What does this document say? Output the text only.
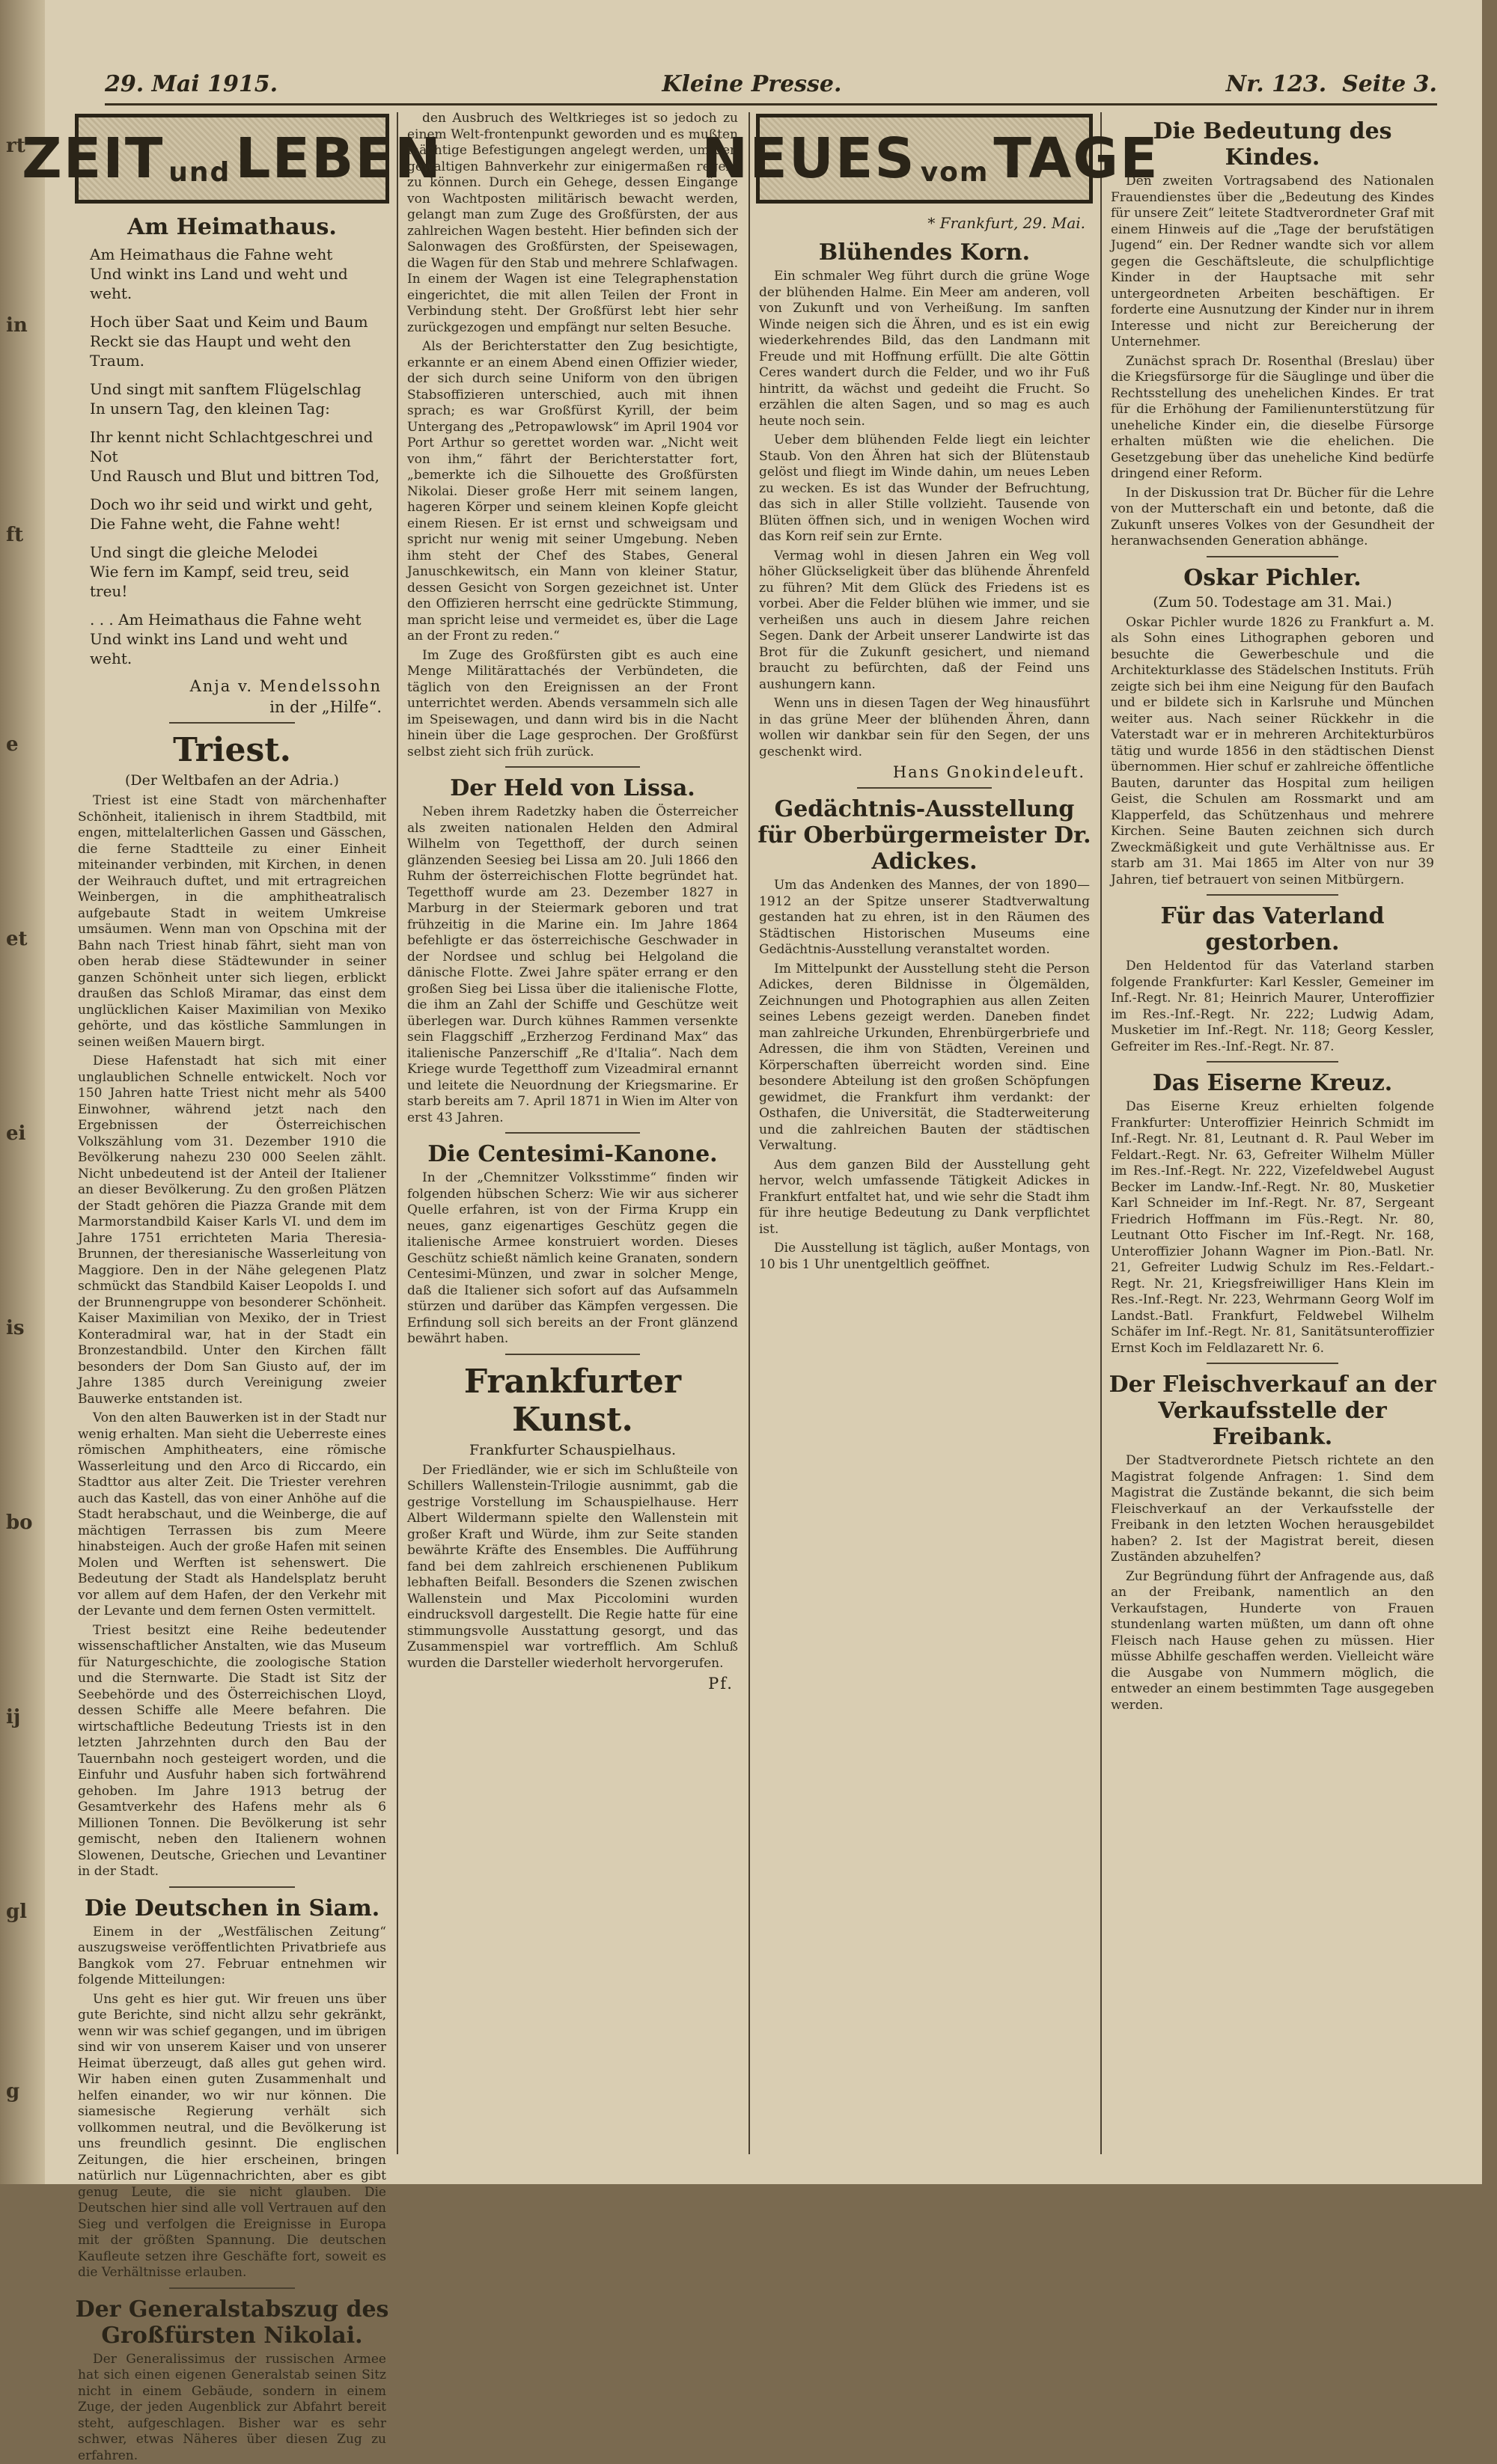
rt
in
ft
e
et
ei
is
bo
ij
gl
g
29. Mai 1915.	Kleine Presse.	Nr. 123. Seite 3.
ZEIT und LEBEN
Am Heimathaus.

Am Heimathaus die Fahne weht
Und winkt ins Land und weht und weht.

Hoch über Saat und Keim und Baum
Reckt sie das Haupt und weht den Traum.

Und singt mit sanftem Flügelschlag
In unsern Tag, den kleinen Tag:

Ihr kennt nicht Schlachtgeschrei und Not
Und Rausch und Blut und bittren Tod,

Doch wo ihr seid und wirkt und geht,
Die Fahne weht, die Fahne weht!

Und singt die gleiche Melodei
Wie fern im Kampf, seid treu, seid treu!

. . . Am Heimathaus die Fahne weht
Und winkt ins Land und weht und weht.

Anja v. Mendelssohn
in der „Hilfe“.
Triest.
(Der Weltbafen an der Adria.)

Triest ist eine Stadt von märchenhafter Schönheit, italienisch in ihrem Stadtbild, mit engen, mittelalterlichen Gassen und Gässchen, die ferne Stadtteile zu einer Einheit miteinander verbinden, mit Kirchen, in denen der Weihrauch duftet, und mit ertragreichen Weinbergen, in die amphitheatralisch aufgebaute Stadt in weitem Umkreise umsäumen. Wenn man von Opschina mit der Bahn nach Triest hinab fährt, sieht man von oben herab diese Städtewunder in seiner ganzen Schönheit unter sich liegen, erblickt draußen das Schloß Miramar, das einst dem unglücklichen Kaiser Maximilian von Mexiko gehörte, und das köstliche Sammlungen in seinen weißen Mauern birgt.

Diese Hafenstadt hat sich mit einer unglaublichen Schnelle entwickelt. Noch vor 150 Jahren hatte Triest nicht mehr als 5400 Einwohner, während jetzt nach den Ergebnissen der Österreichischen Volkszählung vom 31. Dezember 1910 die Bevölkerung nahezu 230 000 Seelen zählt. Nicht unbedeutend ist der Anteil der Italiener an dieser Bevölkerung. Zu den großen Plätzen der Stadt gehören die Piazza Grande mit dem Marmorstandbild Kaiser Karls VI. und dem im Jahre 1751 errichteten Maria Theresia-Brunnen, der theresianische Wasserleitung von Maggiore. Den in der Nähe gelegenen Platz schmückt das Standbild Kaiser Leopolds I. und der Brunnengruppe von besonderer Schönheit. Kaiser Maximilian von Mexiko, der in Triest Konteradmiral war, hat in der Stadt ein Bronzestandbild. Unter den Kirchen fällt besonders der Dom San Giusto auf, der im Jahre 1385 durch Vereinigung zweier Bauwerke entstanden ist.

Von den alten Bauwerken ist in der Stadt nur wenig erhalten. Man sieht die Ueberreste eines römischen Amphitheaters, eine römische Wasserleitung und den Arco di Riccardo, ein Stadttor aus alter Zeit. Die Triester verehren auch das Kastell, das von einer Anhöhe auf die Stadt herabschaut, und die Weinberge, die auf mächtigen Terrassen bis zum Meere hinabsteigen. Auch der große Hafen mit seinen Molen und Werften ist sehenswert. Die Bedeutung der Stadt als Handelsplatz beruht vor allem auf dem Hafen, der den Verkehr mit der Levante und dem fernen Osten vermittelt.

Triest besitzt eine Reihe bedeutender wissenschaftlicher Anstalten, wie das Museum für Naturgeschichte, die zoologische Station und die Sternwarte. Die Stadt ist Sitz der Seebehörde und des Österreichischen Lloyd, dessen Schiffe alle Meere befahren. Die wirtschaftliche Bedeutung Triests ist in den letzten Jahrzehnten durch den Bau der Tauernbahn noch gesteigert worden, und die Einfuhr und Ausfuhr haben sich fortwährend gehoben. Im Jahre 1913 betrug der Gesamtverkehr des Hafens mehr als 6 Millionen Tonnen. Die Bevölkerung ist sehr gemischt, neben den Italienern wohnen Slowenen, Deutsche, Griechen und Levantiner in der Stadt.

Die Deutschen in Siam.

Einem in der „Westfälischen Zeitung“ auszugsweise veröffentlichten Privatbriefe aus Bangkok vom 27. Februar entnehmen wir folgende Mitteilungen:

Uns geht es hier gut. Wir freuen uns über gute Berichte, sind nicht allzu sehr gekränkt, wenn wir was schief gegangen, und im übrigen sind wir von unserem Kaiser und von unserer Heimat überzeugt, daß alles gut gehen wird. Wir haben einen guten Zusammenhalt und helfen einander, wo wir nur können. Die siamesische Regierung verhält sich vollkommen neutral, und die Bevölkerung ist uns freundlich gesinnt. Die englischen Zeitungen, die hier erscheinen, bringen natürlich nur Lügennachrichten, aber es gibt genug Leute, die sie nicht glauben. Die Deutschen hier sind alle voll Vertrauen auf den Sieg und verfolgen die Ereignisse in Europa mit der größten Spannung. Die deutschen Kaufleute setzen ihre Geschäfte fort, soweit es die Verhältnisse erlauben.

Der Generalstabszug des Großfürsten Nikolai.

Der Generalissimus der russischen Armee hat sich einen eigenen Generalstab seinen Sitz nicht in einem Gebäude, sondern in einem Zuge, der jeden Augenblick zur Abfahrt bereit steht, aufgeschlagen. Bisher war es sehr schwer, etwas Näheres über diesen Zug zu erfahren.

den Ausbruch des Weltkrieges ist so jedoch zu einem Welt-frontenpunkt geworden und es mußten mächtige Befestigungen angelegt werden, um den gewaltigen Bahnverkehr zur einigermaßen regeln zu können. Durch ein Gehege, dessen Eingänge von Wachtposten militärisch bewacht werden, gelangt man zum Zuge des Großfürsten, der aus zahlreichen Wagen besteht. Hier befinden sich der Salonwagen des Großfürsten, der Speisewagen, die Wagen für den Stab und mehrere Schlafwagen. In einem der Wagen ist eine Telegraphenstation eingerichtet, die mit allen Teilen der Front in Verbindung steht. Der Großfürst lebt hier sehr zurückgezogen und empfängt nur selten Besuche.

Als der Berichterstatter den Zug besichtigte, erkannte er an einem Abend einen Offizier wieder, der sich durch seine Uniform von den übrigen Stabsoffizieren unterschied, auch mit ihnen sprach; es war Großfürst Kyrill, der beim Untergang des „Petropawlowsk“ im April 1904 vor Port Arthur so gerettet worden war. „Nicht weit von ihm,“ fährt der Berichterstatter fort, „bemerkte ich die Silhouette des Großfürsten Nikolai. Dieser große Herr mit seinem langen, hageren Körper und seinem kleinen Kopfe gleicht einem Riesen. Er ist ernst und schweigsam und spricht nur wenig mit seiner Umgebung. Neben ihm steht der Chef des Stabes, General Januschkewitsch, ein Mann von kleiner Statur, dessen Gesicht von Sorgen gezeichnet ist. Unter den Offizieren herrscht eine gedrückte Stimmung, man spricht leise und vermeidet es, über die Lage an der Front zu reden.“

Im Zuge des Großfürsten gibt es auch eine Menge Militärattachés der Verbündeten, die täglich von den Ereignissen an der Front unterrichtet werden. Abends versammeln sich alle im Speisewagen, und dann wird bis in die Nacht hinein über die Lage gesprochen. Der Großfürst selbst zieht sich früh zurück.

Der Held von Lissa.

Neben ihrem Radetzky haben die Österreicher als zweiten nationalen Helden den Admiral Wilhelm von Tegetthoff, der durch seinen glänzenden Seesieg bei Lissa am 20. Juli 1866 den Ruhm der österreichischen Flotte begründet hat. Tegetthoff wurde am 23. Dezember 1827 in Marburg in der Steiermark geboren und trat frühzeitig in die Marine ein. Im Jahre 1864 befehligte er das österreichische Geschwader in der Nordsee und schlug bei Helgoland die dänische Flotte. Zwei Jahre später errang er den großen Sieg bei Lissa über die italienische Flotte, die ihm an Zahl der Schiffe und Geschütze weit überlegen war. Durch kühnes Rammen versenkte sein Flaggschiff „Erzherzog Ferdinand Max“ das italienische Panzerschiff „Re d'Italia“. Nach dem Kriege wurde Tegetthoff zum Vizeadmiral ernannt und leitete die Neuordnung der Kriegsmarine. Er starb bereits am 7. April 1871 in Wien im Alter von erst 43 Jahren.

Die Centesimi-Kanone.

In der „Chemnitzer Volksstimme“ finden wir folgenden hübschen Scherz: Wie wir aus sicherer Quelle erfahren, ist von der Firma Krupp ein neues, ganz eigenartiges Geschütz gegen die italienische Armee konstruiert worden. Dieses Geschütz schießt nämlich keine Granaten, sondern Centesimi-Münzen, und zwar in solcher Menge, daß die Italiener sich sofort auf das Aufsammeln stürzen und darüber das Kämpfen vergessen. Die Erfindung soll sich bereits an der Front glänzend bewährt haben.

Frankfurter Kunst.
Frankfurter Schauspielhaus.

Der Friedländer, wie er sich im Schlußteile von Schillers Wallenstein-Trilogie ausnimmt, gab die gestrige Vorstellung im Schauspielhause. Herr Albert Wildermann spielte den Wallenstein mit großer Kraft und Würde, ihm zur Seite standen bewährte Kräfte des Ensembles. Die Aufführung fand bei dem zahlreich erschienenen Publikum lebhaften Beifall. Besonders die Szenen zwischen Wallenstein und Max Piccolomini wurden eindrucksvoll dargestellt. Die Regie hatte für eine stimmungsvolle Ausstattung gesorgt, und das Zusammenspiel war vortrefflich. Am Schluß wurden die Darsteller wiederholt hervorgerufen.

Pf.
NEUES vom TAGE
* Frankfurt, 29. Mai.
Blühendes Korn.

Ein schmaler Weg führt durch die grüne Woge der blühenden Halme. Ein Meer am anderen, voll von Zukunft und von Verheißung. Im sanften Winde neigen sich die Ähren, und es ist ein ewig wiederkehrendes Bild, das den Landmann mit Freude und mit Hoffnung erfüllt. Die alte Göttin Ceres wandert durch die Felder, und wo ihr Fuß hintritt, da wächst und gedeiht die Frucht. So erzählen die alten Sagen, und so mag es auch heute noch sein.

Ueber dem blühenden Felde liegt ein leichter Staub. Von den Ähren hat sich der Blütenstaub gelöst und fliegt im Winde dahin, um neues Leben zu wecken. Es ist das Wunder der Befruchtung, das sich in aller Stille vollzieht. Tausende von Blüten öffnen sich, und in wenigen Wochen wird das Korn reif sein zur Ernte.

Vermag wohl in diesen Jahren ein Weg voll höher Glückseligkeit über das blühende Ährenfeld zu führen? Mit dem Glück des Friedens ist es vorbei. Aber die Felder blühen wie immer, und sie verheißen uns auch in diesem Jahre reichen Segen. Dank der Arbeit unserer Landwirte ist das Brot für die Zukunft gesichert, und niemand braucht zu befürchten, daß der Feind uns aushungern kann.

Wenn uns in diesen Tagen der Weg hinausführt in das grüne Meer der blühenden Ähren, dann wollen wir dankbar sein für den Segen, der uns geschenkt wird.

Hans Gnokindeleuft.
Gedächtnis-Ausstellung
für Oberbürgermeister Dr. Adickes.

Um das Andenken des Mannes, der von 1890—1912 an der Spitze unserer Stadtverwaltung gestanden hat zu ehren, ist in den Räumen des Städtischen Historischen Museums eine Gedächtnis-Ausstellung veranstaltet worden.

Im Mittelpunkt der Ausstellung steht die Person Adickes, deren Bildnisse in Ölgemälden, Zeichnungen und Photographien aus allen Zeiten seines Lebens gezeigt werden. Daneben findet man zahlreiche Urkunden, Ehrenbürgerbriefe und Adressen, die ihm von Städten, Vereinen und Körperschaften überreicht worden sind. Eine besondere Abteilung ist den großen Schöpfungen gewidmet, die Frankfurt ihm verdankt: der Osthafen, die Universität, die Stadterweiterung und die zahlreichen Bauten der städtischen Verwaltung.

Aus dem ganzen Bild der Ausstellung geht hervor, welch umfassende Tätigkeit Adickes in Frankfurt entfaltet hat, und wie sehr die Stadt ihm für ihre heutige Bedeutung zu Dank verpflichtet ist.

Die Ausstellung ist täglich, außer Montags, von 10 bis 1 Uhr unentgeltlich geöffnet.

Die Bedeutung des Kindes.

Den zweiten Vortragsabend des Nationalen Frauendienstes über die „Bedeutung des Kindes für unsere Zeit“ leitete Stadtverordneter Graf mit einem Hinweis auf die „Tage der berufstätigen Jugend“ ein. Der Redner wandte sich vor allem gegen die Geschäftsleute, die schulpflichtige Kinder in der Hauptsache mit sehr untergeordneten Arbeiten beschäftigen. Er forderte eine Ausnutzung der Kinder nur in ihrem Interesse und nicht zur Bereicherung der Unternehmer.

Zunächst sprach Dr. Rosenthal (Breslau) über die Kriegsfürsorge für die Säuglinge und über die Rechtsstellung des unehelichen Kindes. Er trat für die Erhöhung der Familienunterstützung für uneheliche Kinder ein, die dieselbe Fürsorge erhalten müßten wie die ehelichen. Die Gesetzgebung über das uneheliche Kind bedürfe dringend einer Reform.

In der Diskussion trat Dr. Bücher für die Lehre von der Mutterschaft ein und betonte, daß die Zukunft unseres Volkes von der Gesundheit der heranwachsenden Generation abhänge.

Oskar Pichler.
(Zum 50. Todestage am 31. Mai.)

Oskar Pichler wurde 1826 zu Frankfurt a. M. als Sohn eines Lithographen geboren und besuchte die Gewerbeschule und die Architekturklasse des Städelschen Instituts. Früh zeigte sich bei ihm eine Neigung für den Baufach und er bildete sich in Karlsruhe und München weiter aus. Nach seiner Rückkehr in die Vaterstadt war er in mehreren Architekturbüros tätig und wurde 1856 in den städtischen Dienst übernommen. Hier schuf er zahlreiche öffentliche Bauten, darunter das Hospital zum heiligen Geist, die Schulen am Rossmarkt und am Klapperfeld, das Schützenhaus und mehrere Kirchen. Seine Bauten zeichnen sich durch Zweckmäßigkeit und gute Verhältnisse aus. Er starb am 31. Mai 1865 im Alter von nur 39 Jahren, tief betrauert von seinen Mitbürgern.

Für das Vaterland gestorben.

Den Heldentod für das Vaterland starben folgende Frankfurter: Karl Kessler, Gemeiner im Inf.-Regt. Nr. 81; Heinrich Maurer, Unteroffizier im Res.-Inf.-Regt. Nr. 222; Ludwig Adam, Musketier im Inf.-Regt. Nr. 118; Georg Kessler, Gefreiter im Res.-Inf.-Regt. Nr. 87.

Das Eiserne Kreuz.

Das Eiserne Kreuz erhielten folgende Frankfurter: Unteroffizier Heinrich Schmidt im Inf.-Regt. Nr. 81, Leutnant d. R. Paul Weber im Feldart.-Regt. Nr. 63, Gefreiter Wilhelm Müller im Res.-Inf.-Regt. Nr. 222, Vizefeldwebel August Becker im Landw.-Inf.-Regt. Nr. 80, Musketier Karl Schneider im Inf.-Regt. Nr. 87, Sergeant Friedrich Hoffmann im Füs.-Regt. Nr. 80, Leutnant Otto Fischer im Inf.-Regt. Nr. 168, Unteroffizier Johann Wagner im Pion.-Batl. Nr. 21, Gefreiter Ludwig Schulz im Res.-Feldart.-Regt. Nr. 21, Kriegsfreiwilliger Hans Klein im Res.-Inf.-Regt. Nr. 223, Wehrmann Georg Wolf im Landst.-Batl. Frankfurt, Feldwebel Wilhelm Schäfer im Inf.-Regt. Nr. 81, Sanitätsunteroffizier Ernst Koch im Feldlazarett Nr. 6.

Der Fleischverkauf an der Verkaufsstelle der Freibank.

Der Stadtverordnete Pietsch richtete an den Magistrat folgende Anfragen: 1. Sind dem Magistrat die Zustände bekannt, die sich beim Fleischverkauf an der Verkaufsstelle der Freibank in den letzten Wochen herausgebildet haben? 2. Ist der Magistrat bereit, diesen Zuständen abzuhelfen?

Zur Begründung führt der Anfragende aus, daß an der Freibank, namentlich an den Verkaufstagen, Hunderte von Frauen stundenlang warten müßten, um dann oft ohne Fleisch nach Hause gehen zu müssen. Hier müsse Abhilfe geschaffen werden. Vielleicht wäre die Ausgabe von Nummern möglich, die entweder an einem bestimmten Tage ausgegeben werden.
